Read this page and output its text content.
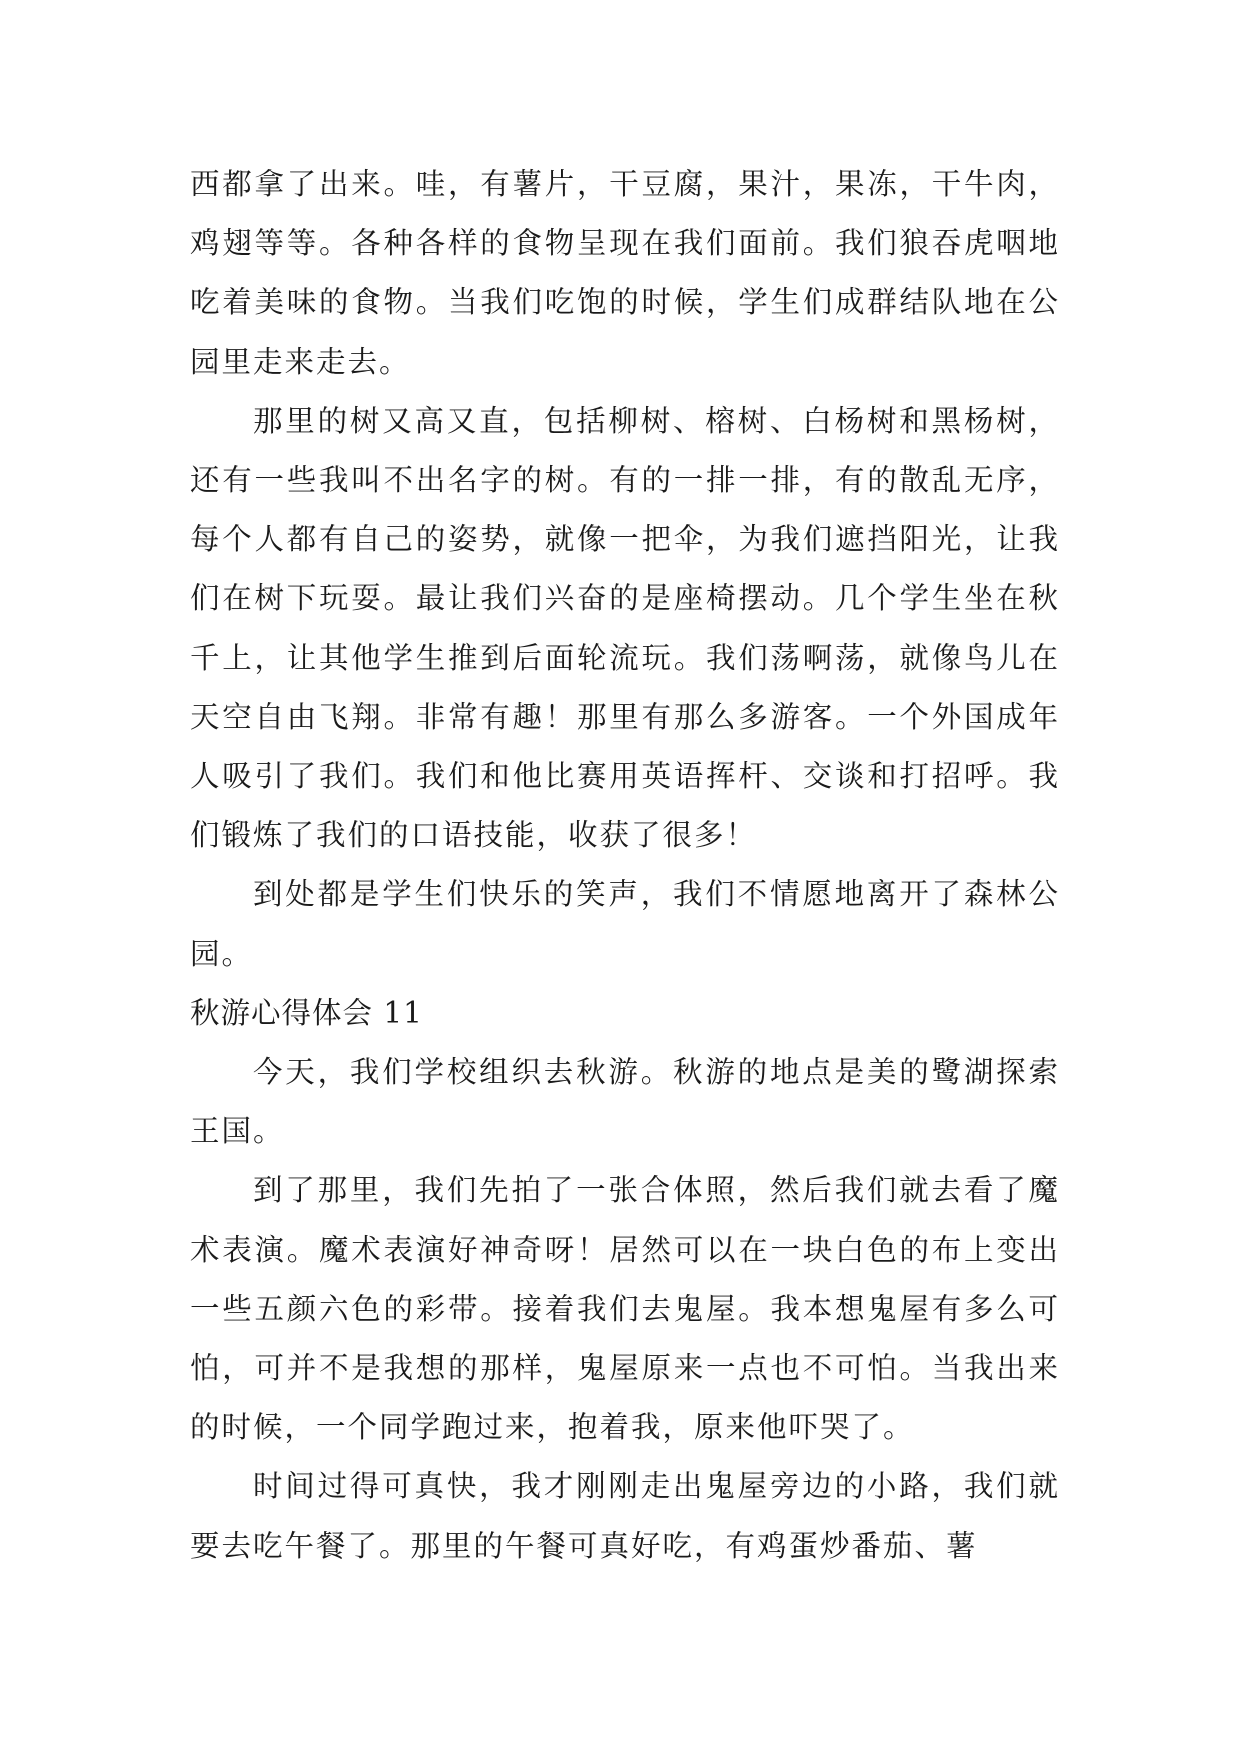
西都拿了出来。哇，有薯片，干豆腐，果汁，果冻，干牛肉，鸡翅等等。各种各样的食物呈现在我们面前。我们狼吞虎咽地吃着美味的食物。当我们吃饱的时候，学生们成群结队地在公园里走来走去。

那里的树又高又直，包括柳树、榕树、白杨树和黑杨树，还有一些我叫不出名字的树。有的一排一排，有的散乱无序，每个人都有自己的姿势，就像一把伞，为我们遮挡阳光，让我们在树下玩耍。最让我们兴奋的是座椅摆动。几个学生坐在秋千上，让其他学生推到后面轮流玩。我们荡啊荡，就像鸟儿在天空自由飞翔。非常有趣！那里有那么多游客。一个外国成年人吸引了我们。我们和他比赛用英语挥杆、交谈和打招呼。我们锻炼了我们的口语技能，收获了很多！

到处都是学生们快乐的笑声，我们不情愿地离开了森林公园。

秋游心得体会 11

今天，我们学校组织去秋游。秋游的地点是美的鹭湖探索王国。

到了那里，我们先拍了一张合体照，然后我们就去看了魔术表演。魔术表演好神奇呀！居然可以在一块白色的布上变出一些五颜六色的彩带。接着我们去鬼屋。我本想鬼屋有多么可怕，可并不是我想的那样，鬼屋原来一点也不可怕。当我出来的时候，一个同学跑过来，抱着我，原来他吓哭了。

时间过得可真快，我才刚刚走出鬼屋旁边的小路，我们就要去吃午餐了。那里的午餐可真好吃，有鸡蛋炒番茄、薯
